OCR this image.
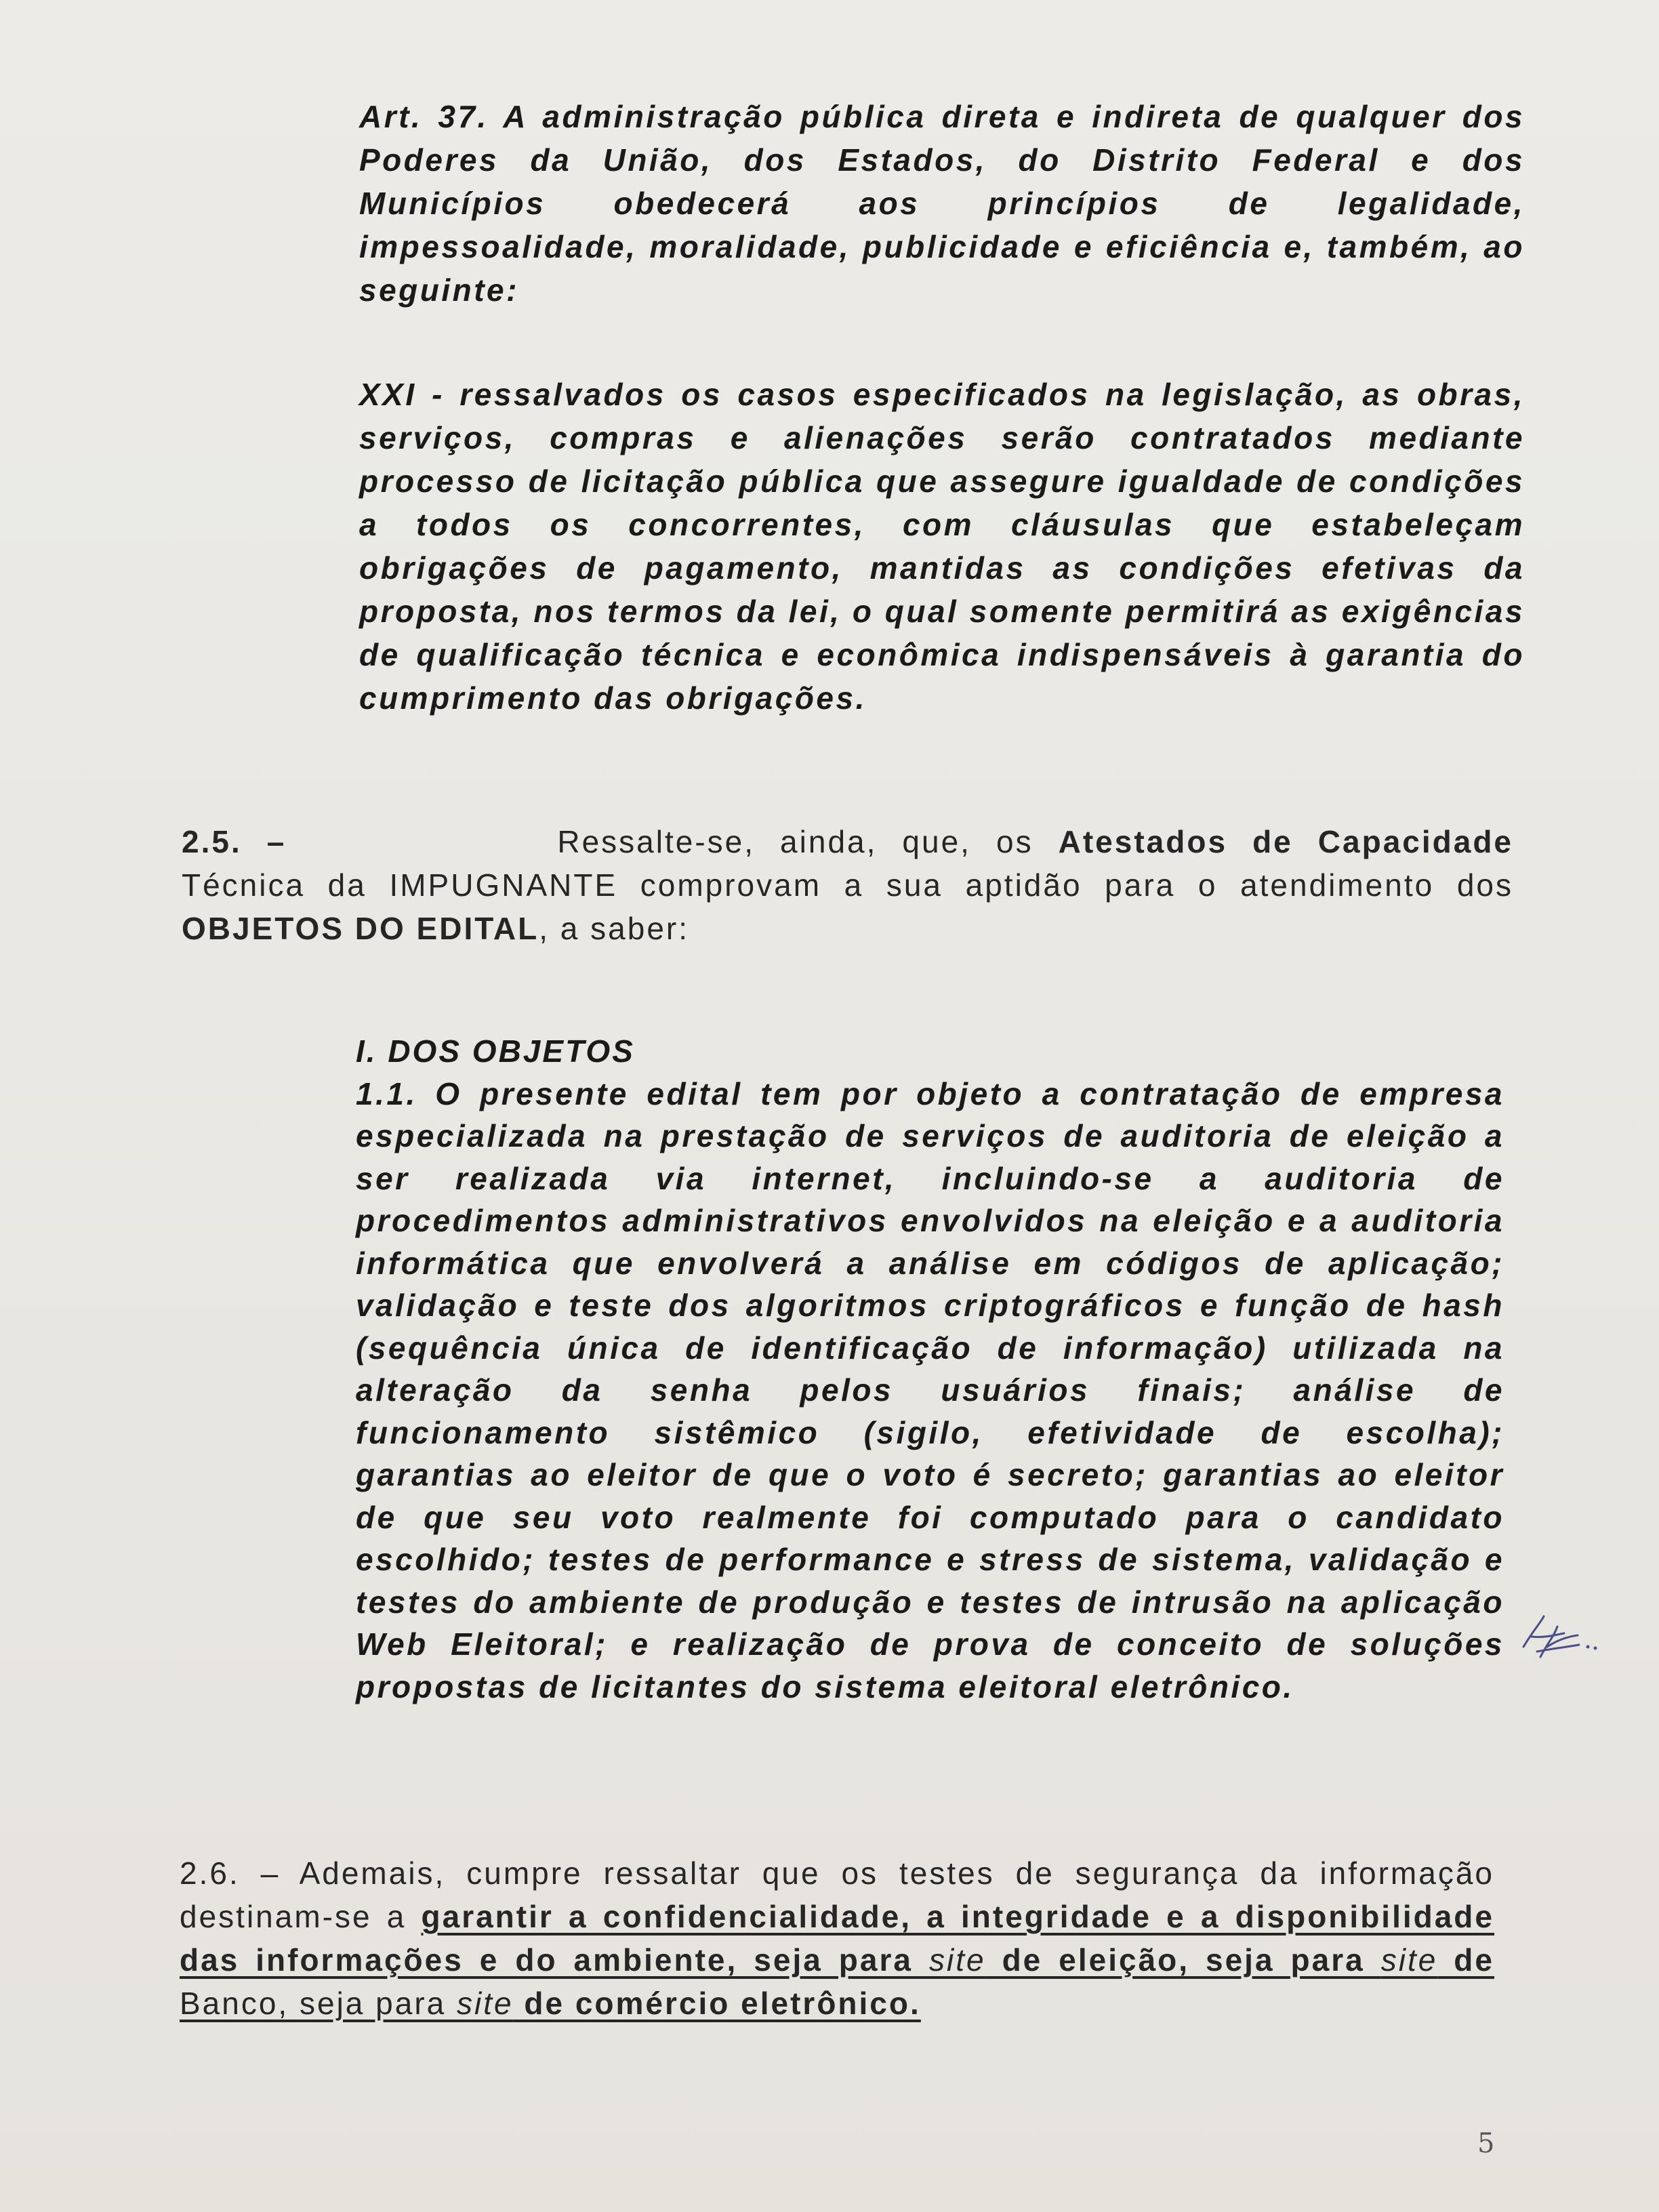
Art. 37. A administração pública direta e indireta de qualquer dos Poderes da União, dos Estados, do Distrito Federal e dos Municípios obedecerá aos princípios de legalidade, impessoalidade, moralidade, publicidade e eficiência e, também, ao seguinte:

XXI - ressalvados os casos especificados na legislação, as obras, serviços, compras e alienações serão contratados mediante processo de licitação pública que assegure igualdade de condições a todos os concorrentes, com cláusulas que estabeleçam obrigações de pagamento, mantidas as condições efetivas da proposta, nos termos da lei, o qual somente permitirá as exigências de qualificação técnica e econômica indispensáveis à garantia do cumprimento das obrigações.

2.5. –	Ressalte-se, ainda, que, os Atestados de Capacidade Técnica da IMPUGNANTE comprovam a sua aptidão para o atendimento dos OBJETOS DO EDITAL, a saber:

I. DOS OBJETOS

1.1. O presente edital tem por objeto a contratação de empresa especializada na prestação de serviços de auditoria de eleição a ser realizada via internet, incluindo-se a auditoria de procedimentos administrativos envolvidos na eleição e a auditoria informática que envolverá a análise em códigos de aplicação; validação e teste dos algoritmos criptográficos e função de hash (sequência única de identificação de informação) utilizada na alteração da senha pelos usuários finais; análise de funcionamento sistêmico (sigilo, efetividade de escolha); garantias ao eleitor de que o voto é secreto; garantias ao eleitor de que seu voto realmente foi computado para o candidato escolhido; testes de performance e stress de sistema, validação e testes do ambiente de produção e testes de intrusão na aplicação Web Eleitoral; e realização de prova de conceito de soluções propostas de licitantes do sistema eleitoral eletrônico.

2.6. – Ademais, cumpre ressaltar que os testes de segurança da informação destinam-se a garantir a confidencialidade, a integridade e a disponibilidade das informações e do ambiente, seja para site de eleição, seja para site de Banco, seja para site de comércio eletrônico.
5
